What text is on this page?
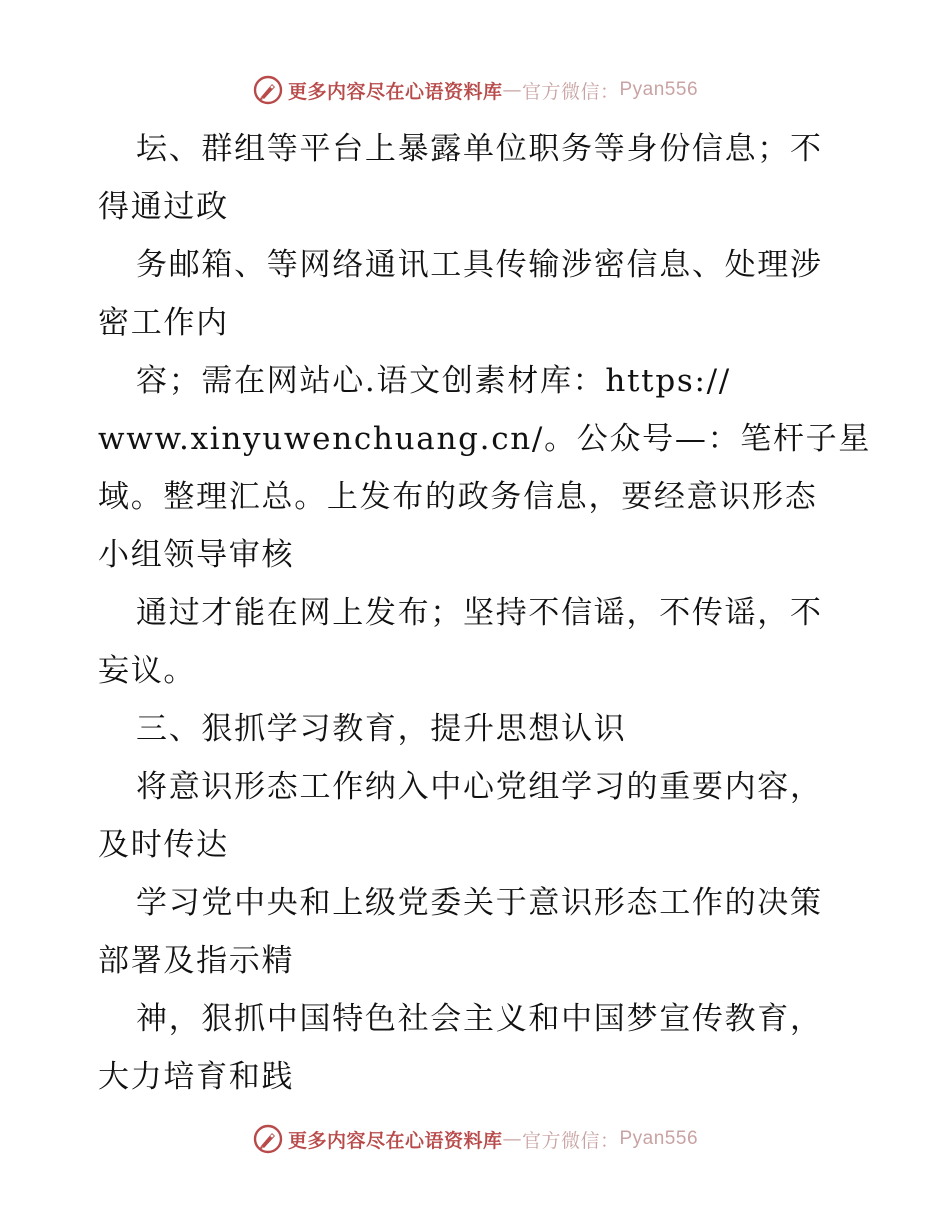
更多内容尽在心语资料库 — 官方微信： Pyan556
坛、群组等平台上暴露单位职务等身份信息；不
得通过政
务邮箱、等网络通讯工具传输涉密信息、处理涉
密工作内
容；需在网站心.语文创素材库：https://
www.xinyuwenchuang.cn/。公众号—：笔杆子星
域。整理汇总。上发布的政务信息，要经意识形态
小组领导审核
通过才能在网上发布；坚持不信谣，不传谣，不
妄议。
三、狠抓学习教育，提升思想认识
将意识形态工作纳入中心党组学习的重要内容，
及时传达
学习党中央和上级党委关于意识形态工作的决策
部署及指示精
神，狠抓中国特色社会主义和中国梦宣传教育，
大力培育和践
更多内容尽在心语资料库 — 官方微信： Pyan556
